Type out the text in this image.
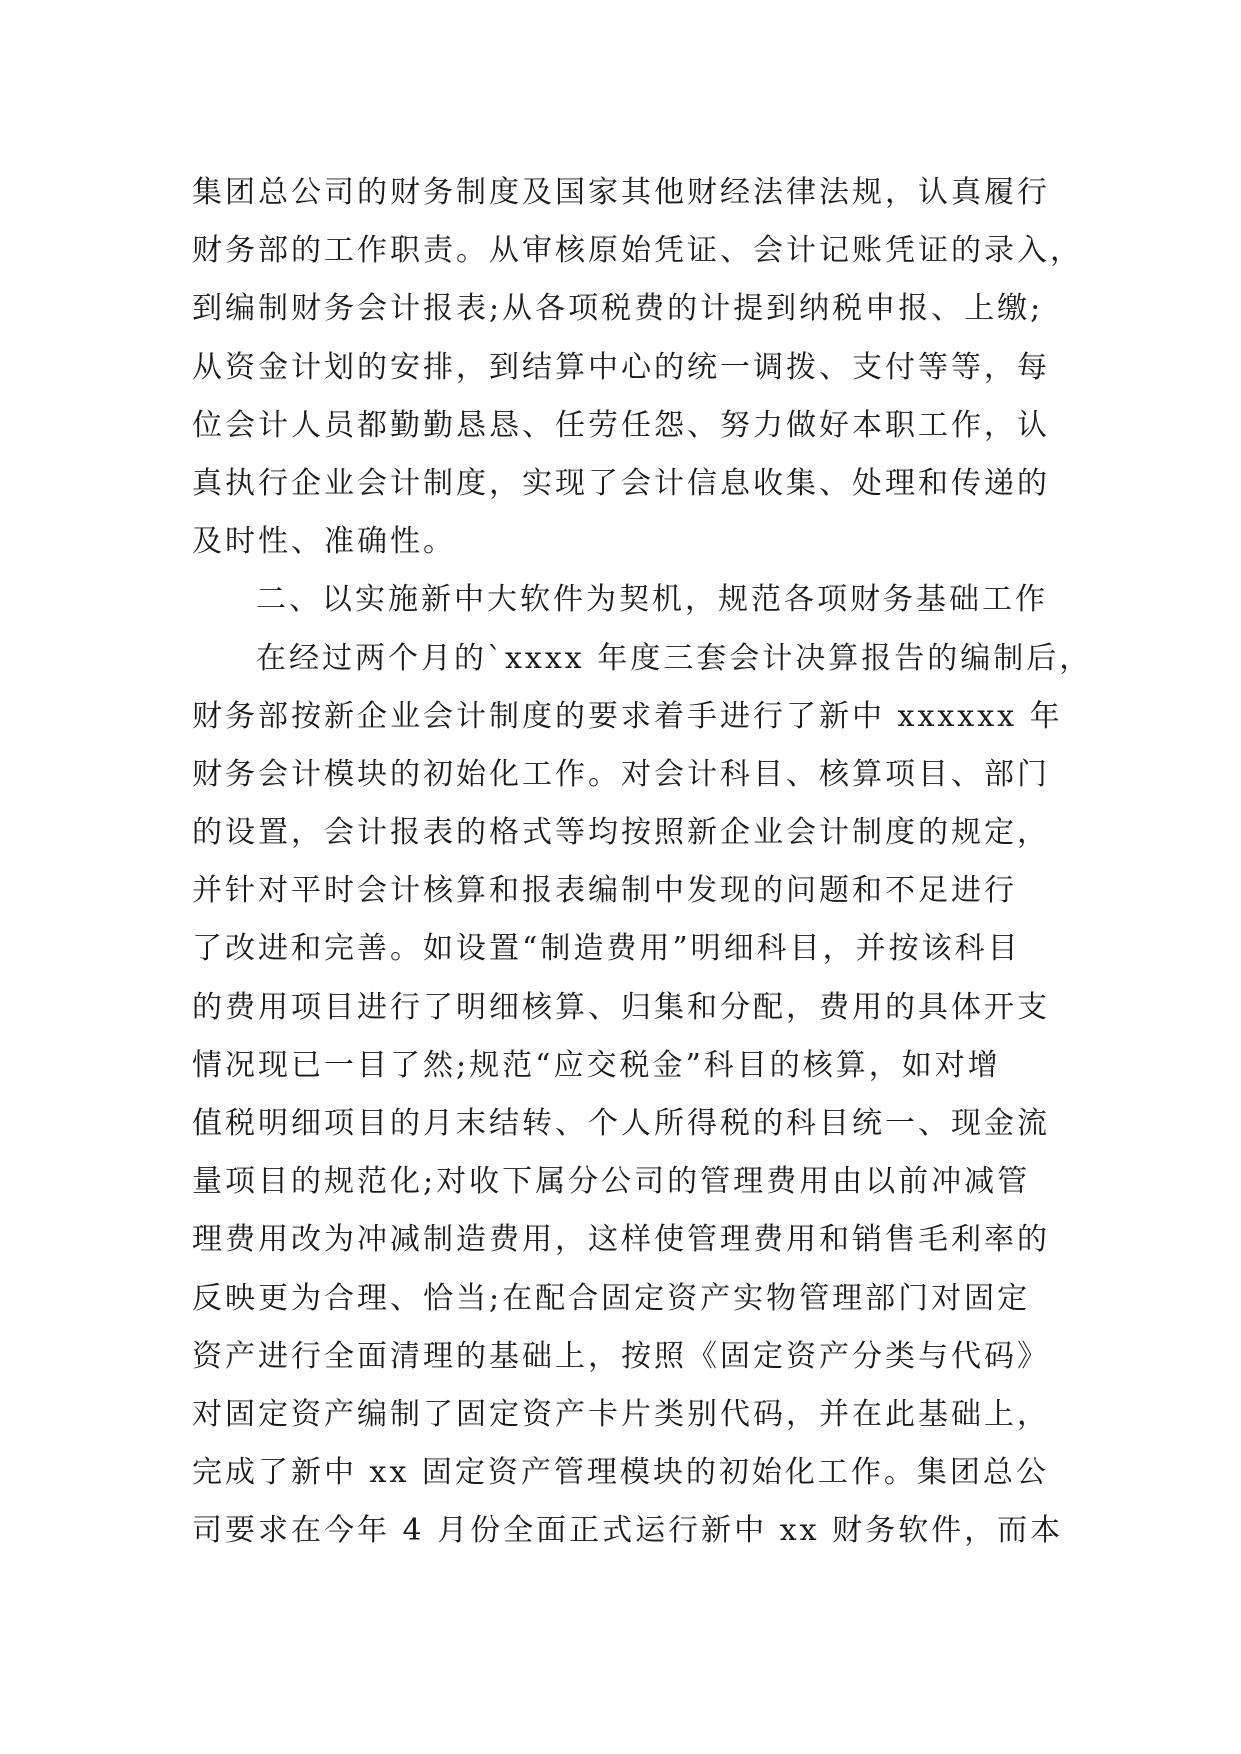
集团总公司的财务制度及国家其他财经法律法规，认真履行
财务部的工作职责。从审核原始凭证、会计记账凭证的录入，
到编制财务会计报表;从各项税费的计提到纳税申报、上缴;
从资金计划的安排，到结算中心的统一调拨、支付等等，每
位会计人员都勤勤恳恳、任劳任怨、努力做好本职工作，认
真执行企业会计制度，实现了会计信息收集、处理和传递的
及时性、准确性。
二、以实施新中大软件为契机，规范各项财务基础工作
在经过两个月的`xxxx 年度三套会计决算报告的编制后，
财务部按新企业会计制度的要求着手进行了新中 xxxxxx 年
财务会计模块的初始化工作。对会计科目、核算项目、部门
的设置，会计报表的格式等均按照新企业会计制度的规定，
并针对平时会计核算和报表编制中发现的问题和不足进行
了改进和完善。如设置“制造费用”明细科目，并按该科目
的费用项目进行了明细核算、归集和分配，费用的具体开支
情况现已一目了然;规范“应交税金”科目的核算，如对增
值税明细项目的月末结转、个人所得税的科目统一、现金流
量项目的规范化;对收下属分公司的管理费用由以前冲减管
理费用改为冲减制造费用，这样使管理费用和销售毛利率的
反映更为合理、恰当;在配合固定资产实物管理部门对固定
资产进行全面清理的基础上，按照《固定资产分类与代码》
对固定资产编制了固定资产卡片类别代码，并在此基础上，
完成了新中 xx 固定资产管理模块的初始化工作。集团总公
司要求在今年 4 月份全面正式运行新中 xx 财务软件，而本
